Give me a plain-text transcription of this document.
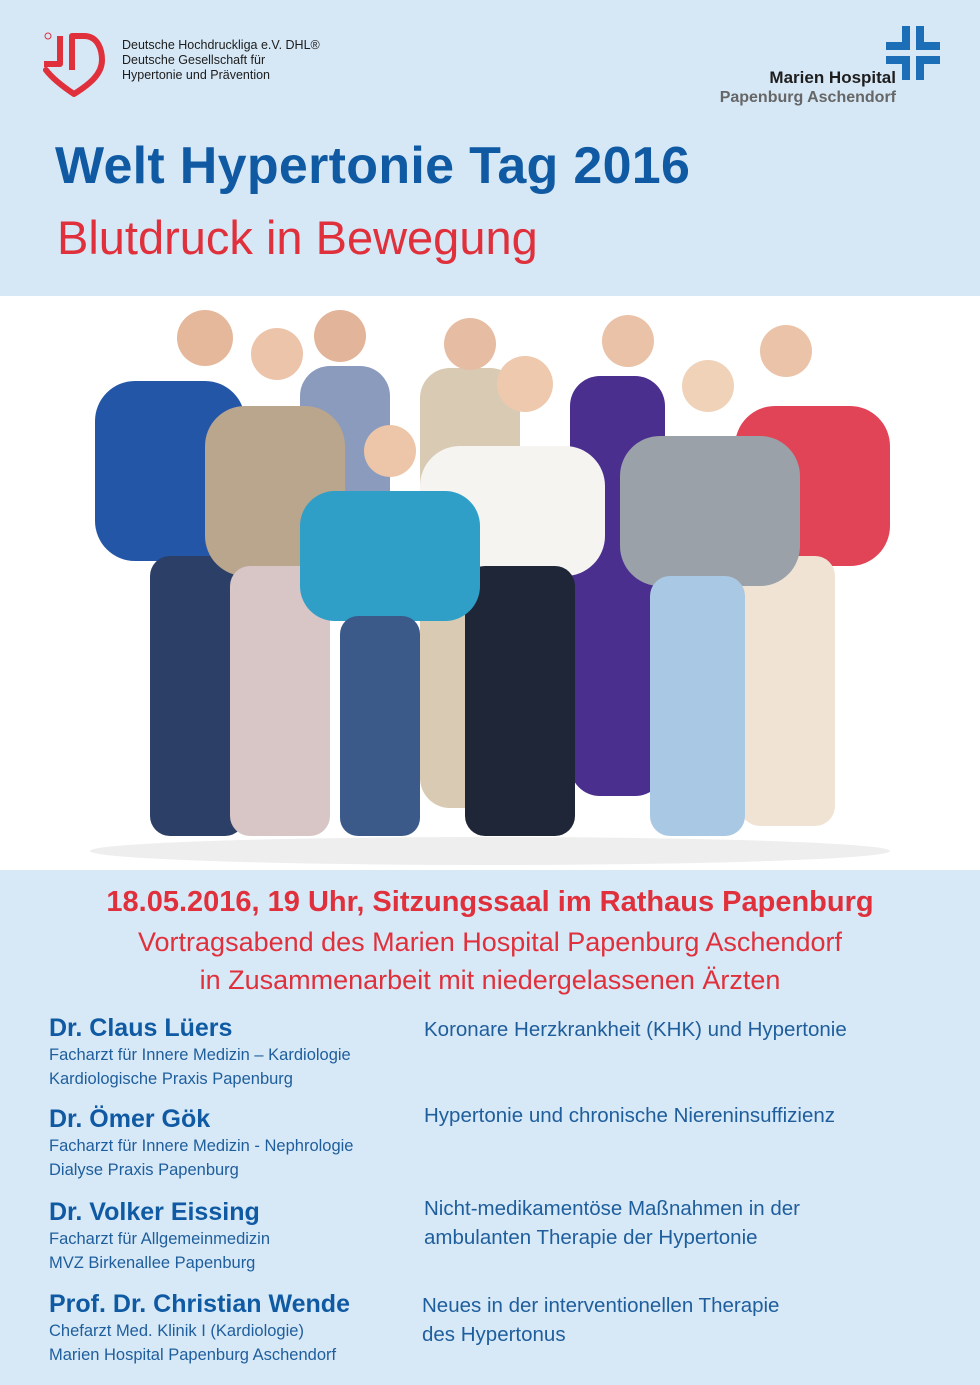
Deutsche Hochdruckliga e.V. DHL®
Deutsche Gesellschaft für
Hypertonie und Prävention	Marien Hospital
Papenburg Aschendorf
Welt Hypertonie Tag 2016
Blutdruck in Bewegung
18.05.2016, 19 Uhr, Sitzungssaal im Rathaus Papenburg
Vortragsabend des Marien Hospital Papenburg Aschendorf
in Zusammenarbeit mit niedergelassenen Ärzten
Dr. Claus Lüers
Facharzt für Innere Medizin – Kardiologie
Kardiologische Praxis Papenburg
Koronare Herzkrankheit (KHK) und Hypertonie
Dr. Ömer Gök
Facharzt für Innere Medizin - Nephrologie
Dialyse Praxis Papenburg
Hypertonie und chronische Niereninsuffizienz
Dr. Volker Eissing
Facharzt für Allgemeinmedizin
MVZ Birkenallee Papenburg
Nicht-medikamentöse Maßnahmen in der
ambulanten Therapie der Hypertonie
Prof. Dr. Christian Wende
Chefarzt Med. Klinik I (Kardiologie)
Marien Hospital Papenburg Aschendorf
Neues in der interventionellen Therapie
des Hypertonus
